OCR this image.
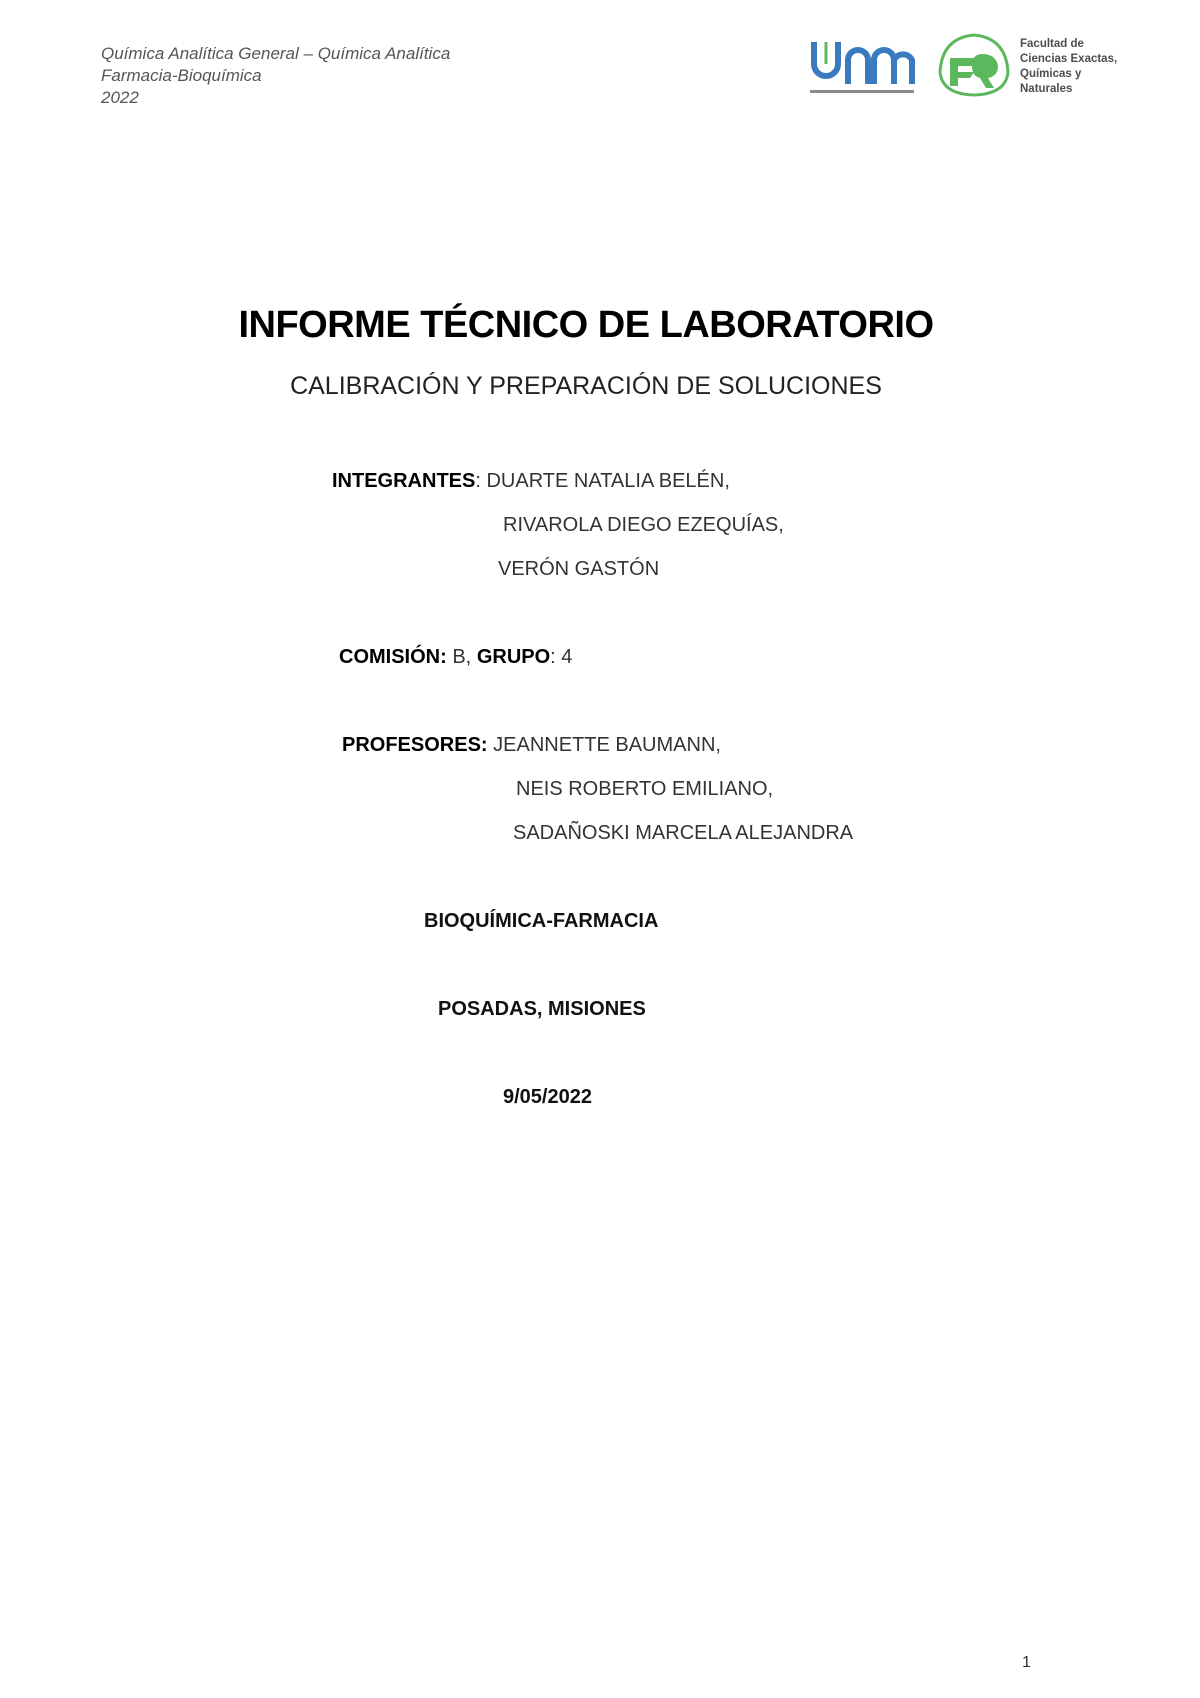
Química Analítica General – Química Analítica
Farmacia-Bioquímica
2022
Facultad de
Ciencias Exactas,
Químicas y
Naturales
INFORME TÉCNICO DE LABORATORIO
CALIBRACIÓN Y PREPARACIÓN DE SOLUCIONES
INTEGRANTES: DUARTE NATALIA BELÉN,
RIVAROLA DIEGO EZEQUÍAS,
VERÓN GASTÓN
COMISIÓN: B, GRUPO: 4
PROFESORES: JEANNETTE BAUMANN,
NEIS ROBERTO EMILIANO,
SADAÑOSKI MARCELA ALEJANDRA
BIOQUÍMICA-FARMACIA
POSADAS, MISIONES
9/05/2022
1
